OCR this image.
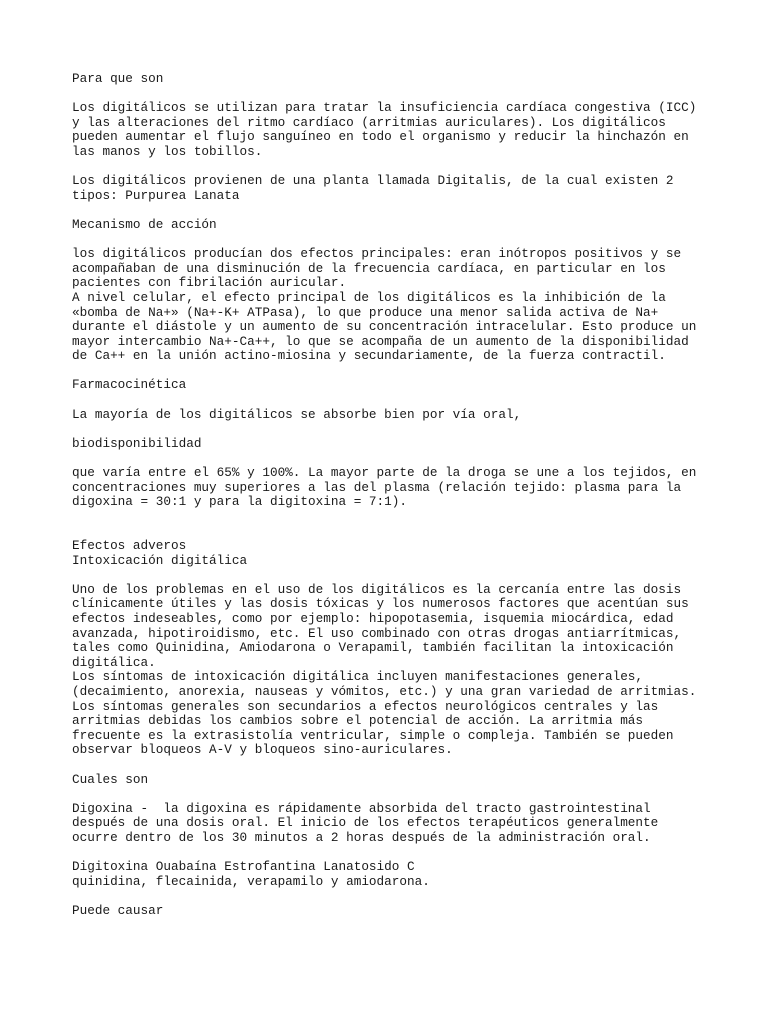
Para que son
Los digitálicos se utilizan para tratar la insuficiencia cardíaca congestiva (ICC)
y las alteraciones del ritmo cardíaco (arritmias auriculares). Los digitálicos
pueden aumentar el flujo sanguíneo en todo el organismo y reducir la hinchazón en
las manos y los tobillos.
Los digitálicos provienen de una planta llamada Digitalis, de la cual existen 2
tipos: Purpurea Lanata
Mecanismo de acción
los digitálicos producían dos efectos principales: eran inótropos positivos y se
acompañaban de una disminución de la frecuencia cardíaca, en particular en los
pacientes con fibrilación auricular.
A nivel celular, el efecto principal de los digitálicos es la inhibición de la
«bomba de Na+» (Na+-K+ ATPasa), lo que produce una menor salida activa de Na+
durante el diástole y un aumento de su concentración intracelular. Esto produce un
mayor intercambio Na+-Ca++, lo que se acompaña de un aumento de la disponibilidad
de Ca++ en la unión actino-miosina y secundariamente, de la fuerza contractil.
Farmacocinética
La mayoría de los digitálicos se absorbe bien por vía oral,
biodisponibilidad
que varía entre el 65% y 100%. La mayor parte de la droga se une a los tejidos, en
concentraciones muy superiores a las del plasma (relación tejido: plasma para la
digoxina = 30:1 y para la digitoxina = 7:1).
Efectos adveros
Intoxicación digitálica
Uno de los problemas en el uso de los digitálicos es la cercanía entre las dosis
clínicamente útiles y las dosis tóxicas y los numerosos factores que acentúan sus
efectos indeseables, como por ejemplo: hipopotasemia, isquemia miocárdica, edad
avanzada, hipotiroidismo, etc. El uso combinado con otras drogas antiarrítmicas,
tales como Quinidina, Amiodarona o Verapamil, también facilitan la intoxicación
digitálica.
Los síntomas de intoxicación digitálica incluyen manifestaciones generales,
(decaimiento, anorexia, nauseas y vómitos, etc.) y una gran variedad de arritmias.
Los síntomas generales son secundarios a efectos neurológicos centrales y las
arritmias debidas los cambios sobre el potencial de acción. La arritmia más
frecuente es la extrasistolía ventricular, simple o compleja. También se pueden
observar bloqueos A-V y bloqueos sino-auriculares.
Cuales son
Digoxina -  la digoxina es rápidamente absorbida del tracto gastrointestinal
después de una dosis oral. El inicio de los efectos terapéuticos generalmente
ocurre dentro de los 30 minutos a 2 horas después de la administración oral.
Digitoxina Ouabaína Estrofantina Lanatosido C
quinidina, flecainida, verapamilo y amiodarona.
Puede causar
